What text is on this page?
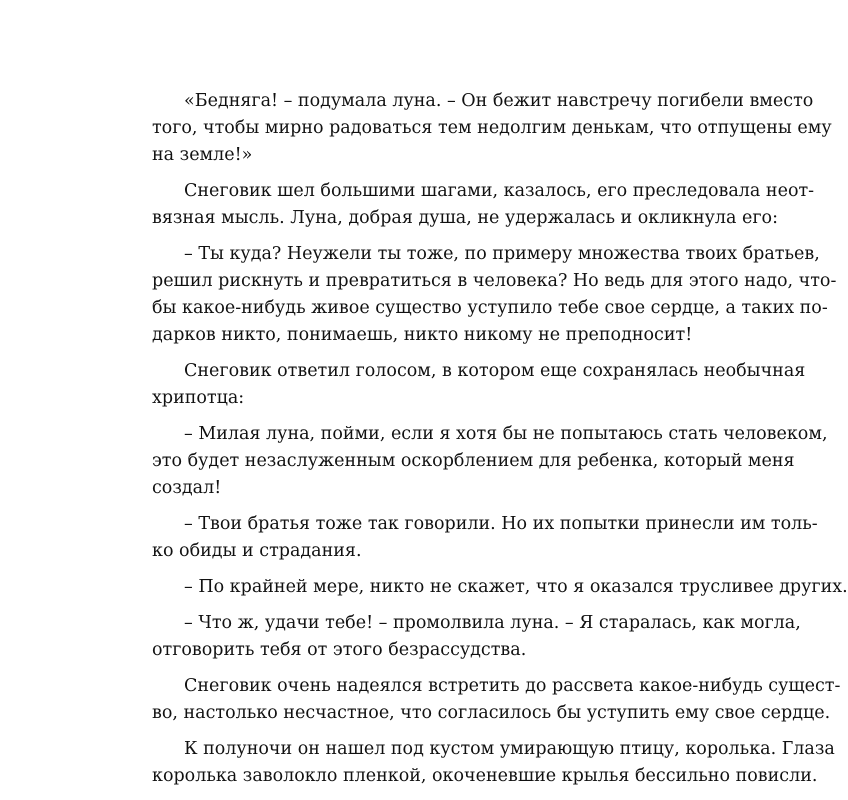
«Бедняга! – подумала луна. – Он бежит навстречу погибели вместо
того, чтобы мирно радоваться тем недолгим денькам, что отпущены ему
на земле!»

Снеговик шел большими шагами, казалось, его преследовала неот-
вязная мысль. Луна, добрая душа, не удержалась и окликнула его:

– Ты куда? Неужели ты тоже, по примеру множества твоих братьев,
решил рискнуть и превратиться в человека? Но ведь для этого надо, что-
бы какое-нибудь живое существо уступило тебе свое сердце, а таких по-
дарков никто, понимаешь, никто никому не преподносит!

Снеговик ответил голосом, в котором еще сохранялась необычная
хрипотца:

– Милая луна, пойми, если я хотя бы не попытаюсь стать человеком,
это будет незаслуженным оскорблением для ребенка, который меня
создал!

– Твои братья тоже так говорили. Но их попытки принесли им толь-
ко обиды и страдания.

– По крайней мере, никто не скажет, что я оказался трусливее других.

– Что ж, удачи тебе! – промолвила луна. – Я старалась, как могла,
отговорить тебя от этого безрассудства.

Снеговик очень надеялся встретить до рассвета какое-нибудь сущест-
во, настолько несчастное, что согласилось бы уступить ему свое сердце.

К полуночи он нашел под кустом умирающую птицу, королька. Глаза
королька заволокло пленкой, окоченевшие крылья бессильно повисли.
